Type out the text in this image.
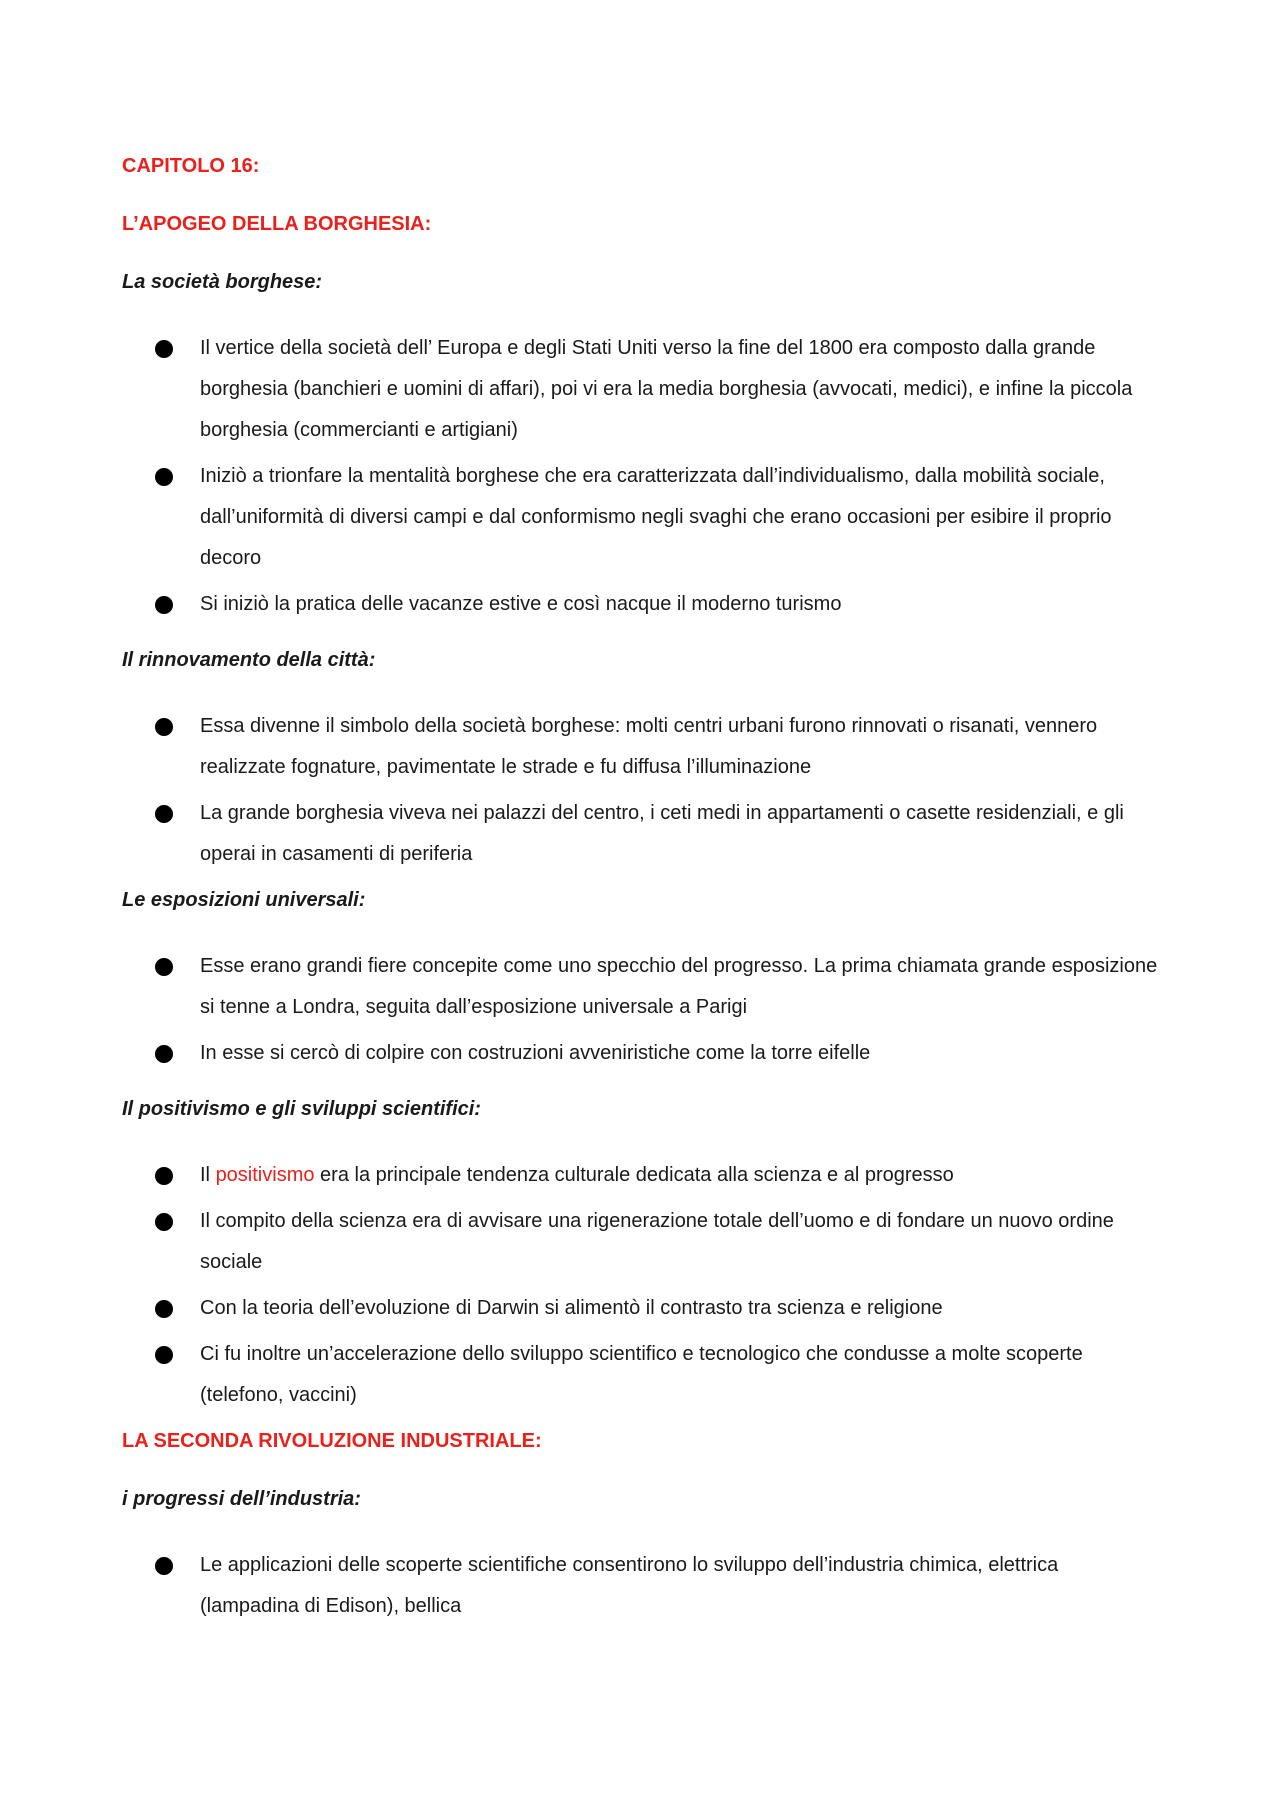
CAPITOLO 16:
L’APOGEO DELLA BORGHESIA:
La società borghese:
Il vertice della società dell’ Europa e degli Stati Uniti verso la fine del 1800 era composto dalla grande borghesia (banchieri e uomini di affari), poi vi era la media borghesia (avvocati, medici), e infine la piccola borghesia (commercianti e artigiani)
Iniziò a trionfare la mentalità borghese che era caratterizzata dall’individualismo, dalla mobilità sociale, dall’uniformità di diversi campi e dal conformismo negli svaghi che erano occasioni per esibire il proprio decoro
Si iniziò la pratica delle vacanze estive e così nacque il moderno turismo
Il rinnovamento della città:
Essa divenne il simbolo della società borghese: molti centri urbani furono rinnovati o risanati, vennero realizzate fognature, pavimentate le strade e fu diffusa l’illuminazione
La grande borghesia viveva nei palazzi del centro, i ceti medi in appartamenti o casette residenziali, e gli operai in casamenti di periferia
Le esposizioni universali:
Esse erano grandi fiere concepite come uno specchio del progresso. La prima chiamata grande esposizione si tenne a Londra, seguita dall’esposizione universale a Parigi
In esse si cercò di colpire con costruzioni avveniristiche come la torre eifelle
Il positivismo e gli sviluppi scientifici:
Il positivismo era la principale tendenza culturale dedicata alla scienza e al progresso
Il compito della scienza era di avvisare una rigenerazione totale dell’uomo e di fondare un nuovo ordine sociale
Con la teoria dell’evoluzione di Darwin si alimentò il contrasto tra scienza e religione
Ci fu inoltre un’accelerazione dello sviluppo scientifico e tecnologico che condusse a molte scoperte (telefono, vaccini)
LA SECONDA RIVOLUZIONE INDUSTRIALE:
i progressi dell’industria:
Le applicazioni delle scoperte scientifiche consentirono lo sviluppo dell’industria chimica, elettrica (lampadina di Edison), bellica
